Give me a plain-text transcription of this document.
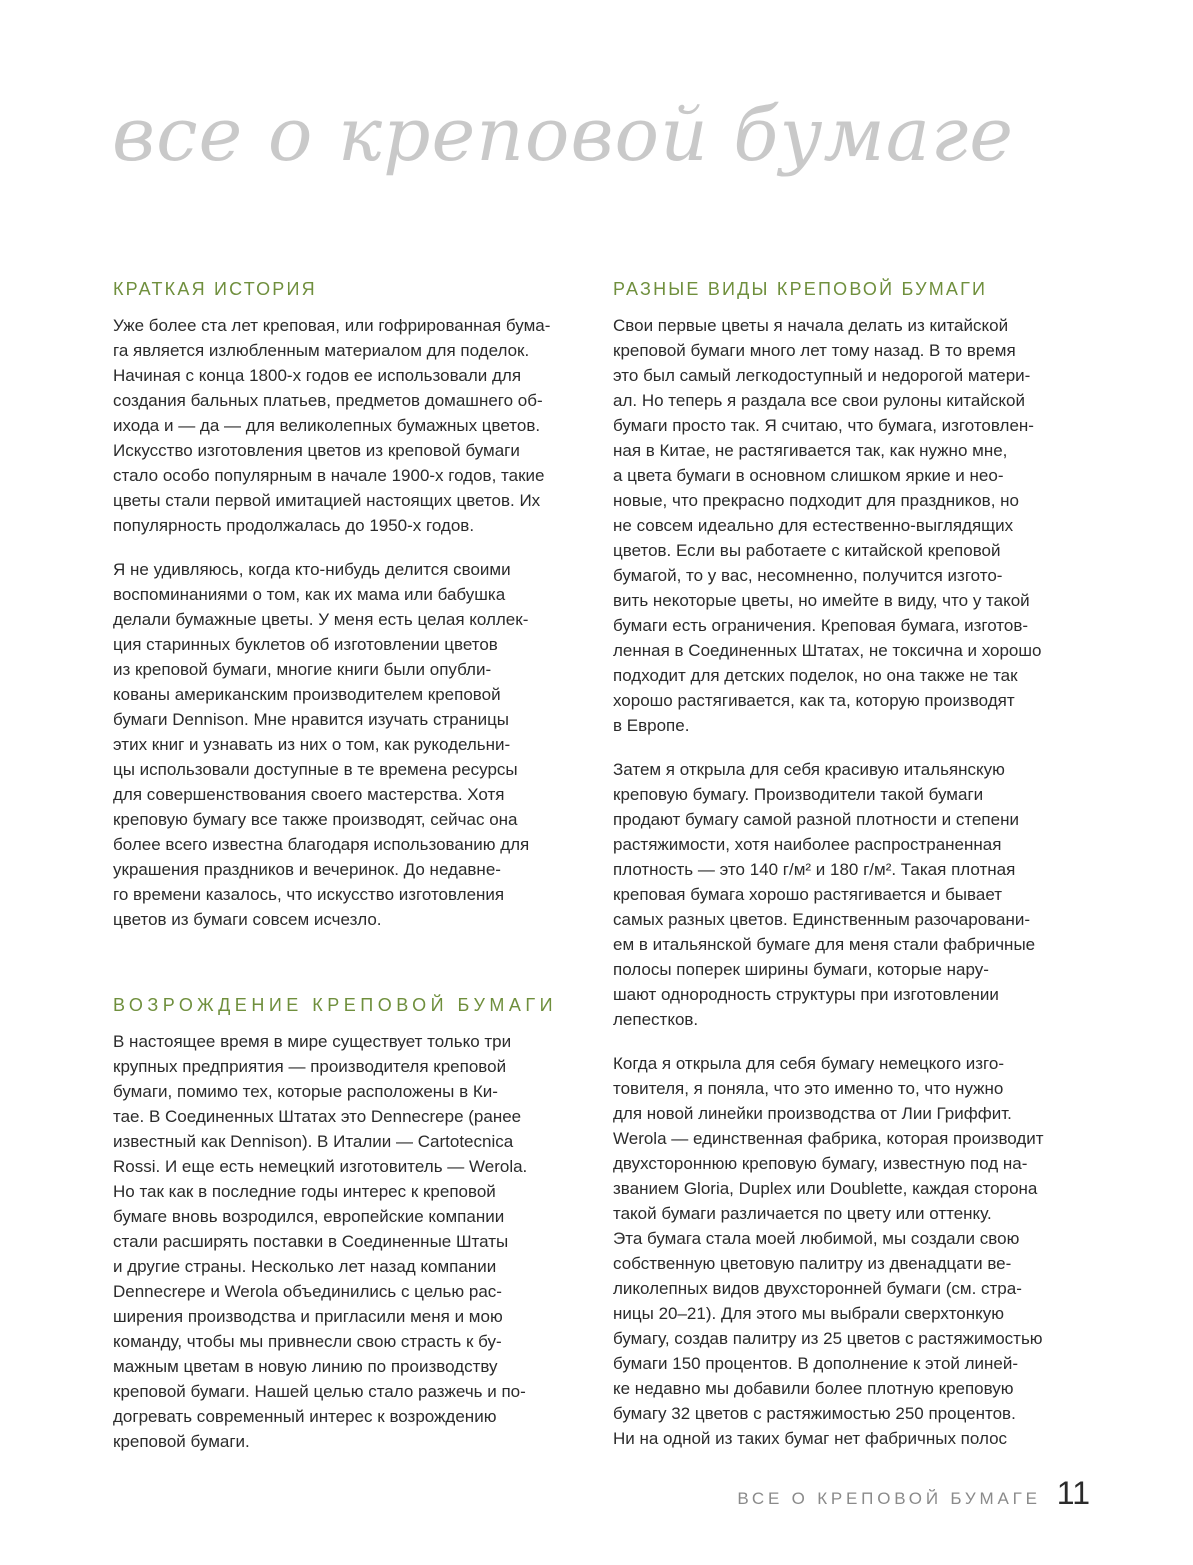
все о креповой бумаге
КРАТКАЯ ИСТОРИЯ

Уже более ста лет креповая, или гофрированная бума-
га является излюбленным материалом для поделок.
Начиная с конца 1800-х годов ее использовали для
создания бальных платьев, предметов домашнего об-
ихода и — да — для великолепных бумажных цветов.
Искусство изготовления цветов из креповой бумаги
стало особо популярным в начале 1900-х годов, такие
цветы стали первой имитацией настоящих цветов. Их
популярность продолжалась до 1950-х годов.

Я не удивляюсь, когда кто-нибудь делится своими
воспоминаниями о том, как их мама или бабушка
делали бумажные цветы. У меня есть целая коллек-
ция старинных буклетов об изготовлении цветов
из креповой бумаги, многие книги были опубли-
кованы американским производителем креповой
бумаги Dennison. Мне нравится изучать страницы
этих книг и узнавать из них о том, как рукодельни-
цы использовали доступные в те времена ресурсы
для совершенствования своего мастерства. Хотя
креповую бумагу все также производят, сейчас она
более всего известна благодаря использованию для
украшения праздников и вечеринок. До недавне-
го времени казалось, что искусство изготовления
цветов из бумаги совсем исчезло.

ВОЗРОЖДЕНИЕ КРЕПОВОЙ БУМАГИ

В настоящее время в мире существует только три
крупных предприятия — производителя креповой
бумаги, помимо тех, которые расположены в Ки-
тае. В Соединенных Штатах это Dennecrepe (ранее
известный как Dennison). В Италии — Cartotecnica
Rossi. И еще есть немецкий изготовитель — Werola.
Но так как в последние годы интерес к креповой
бумаге вновь возродился, европейские компании
стали расширять поставки в Соединенные Штаты
и другие страны. Несколько лет назад компании
Dennecrepe и Werola объединились с целью рас-
ширения производства и пригласили меня и мою
команду, чтобы мы привнесли свою страсть к бу-
мажным цветам в новую линию по производству
креповой бумаги. Нашей целью стало разжечь и по-
догревать современный интерес к возрождению
креповой бумаги.

РАЗНЫЕ ВИДЫ КРЕПОВОЙ БУМАГИ

Свои первые цветы я начала делать из китайской
креповой бумаги много лет тому назад. В то время
это был самый легкодоступный и недорогой матери-
ал. Но теперь я раздала все свои рулоны китайской
бумаги просто так. Я считаю, что бумага, изготовлен-
ная в Китае, не растягивается так, как нужно мне,
а цвета бумаги в основном слишком яркие и нео-
новые, что прекрасно подходит для праздников, но
не совсем идеально для естественно-выглядящих
цветов. Если вы работаете с китайской креповой
бумагой, то у вас, несомненно, получится изгото-
вить некоторые цветы, но имейте в виду, что у такой
бумаги есть ограничения. Креповая бумага, изготов-
ленная в Соединенных Штатах, не токсична и хорошо
подходит для детских поделок, но она также не так
хорошо растягивается, как та, которую производят
в Европе.

Затем я открыла для себя красивую итальянскую
креповую бумагу. Производители такой бумаги
продают бумагу самой разной плотности и степени
растяжимости, хотя наиболее распространенная
плотность — это 140 г/м² и 180 г/м². Такая плотная
креповая бумага хорошо растягивается и бывает
самых разных цветов. Единственным разочаровани-
ем в итальянской бумаге для меня стали фабричные
полосы поперек ширины бумаги, которые нару-
шают однородность структуры при изготовлении
лепестков.

Когда я открыла для себя бумагу немецкого изго-
товителя, я поняла, что это именно то, что нужно
для новой линейки производства от Лии Гриффит.
Werola — единственная фабрика, которая производит
двухстороннюю креповую бумагу, известную под на-
званием Gloria, Duplex или Doublette, каждая сторона
такой бумаги различается по цвету или оттенку.
Эта бумага стала моей любимой, мы создали свою
собственную цветовую палитру из двенадцати ве-
ликолепных видов двухсторонней бумаги (см. стра-
ницы 20–21). Для этого мы выбрали сверхтонкую
бумагу, создав палитру из 25 цветов с растяжимостью
бумаги 150 процентов. В дополнение к этой линей-
ке недавно мы добавили более плотную креповую
бумагу 32 цветов с растяжимостью 250 процентов.
Ни на одной из таких бумаг нет фабричных полос

ВСЕ О КРЕПОВОЙ БУМАГЕ 11
